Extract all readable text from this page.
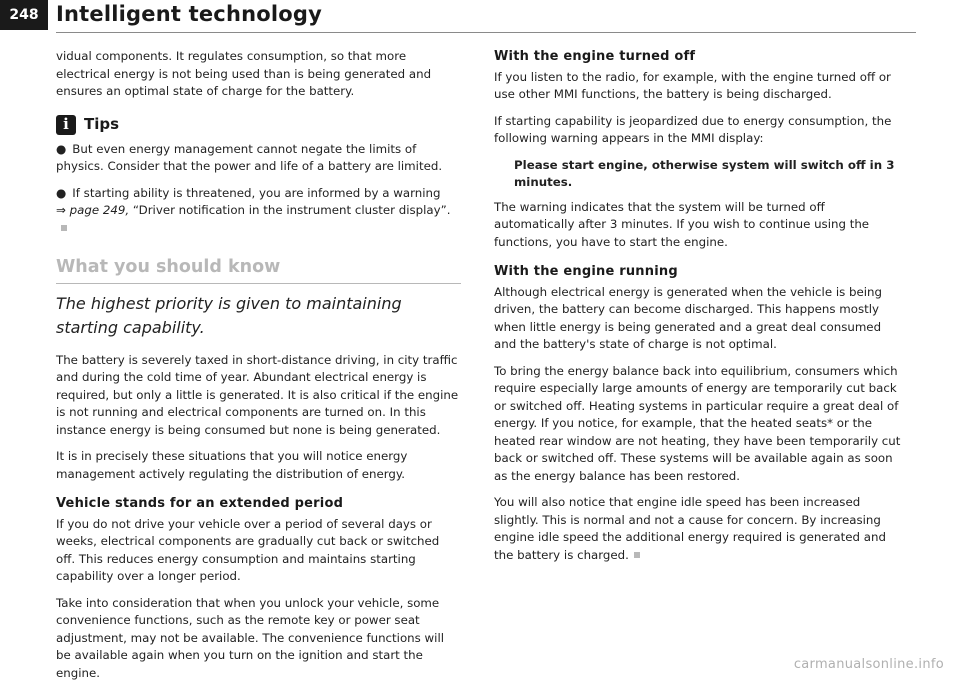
248 Intelligent technology

vidual components. It regulates consumption, so that more electrical energy is not being used than is being generated and ensures an optimal state of charge for the battery.

i	Tips
● But even energy management cannot negate the limits of physics. Consider that the power and life of a battery are limited.
● If starting ability is threatened, you are informed by a warning
⇒ page 249, “Driver notification in the instrument cluster display”.
What you should know
The highest priority is given to maintaining starting capability.

The battery is severely taxed in short-distance driving, in city traffic and during the cold time of year. Abundant electrical energy is required, but only a little is generated. It is also critical if the engine is not running and electrical components are turned on. In this instance energy is being consumed but none is being generated.

It is in precisely these situations that you will notice energy management actively regulating the distribution of energy.

Vehicle stands for an extended period

If you do not drive your vehicle over a period of several days or weeks, electrical components are gradually cut back or switched off. This reduces energy consumption and maintains starting capability over a longer period.

Take into consideration that when you unlock your vehicle, some convenience functions, such as the remote key or power seat adjustment, may not be available. The convenience functions will be available again when you turn on the ignition and start the engine.

With the engine turned off

If you listen to the radio, for example, with the engine turned off or use other MMI functions, the battery is being discharged.

If starting capability is jeopardized due to energy consumption, the following warning appears in the MMI display:

Please start engine, otherwise system will switch off in 3 minutes.

The warning indicates that the system will be turned off automatically after 3 minutes. If you wish to continue using the functions, you have to start the engine.

With the engine running

Although electrical energy is generated when the vehicle is being driven, the battery can become discharged. This happens mostly when little energy is being generated and a great deal consumed and the battery's state of charge is not optimal.

To bring the energy balance back into equilibrium, consumers which require especially large amounts of energy are temporarily cut back or switched off. Heating systems in particular require a great deal of energy. If you notice, for example, that the heated seats* or the heated rear window are not heating, they have been temporarily cut back or switched off. These systems will be available again as soon as the energy balance has been restored.

You will also notice that engine idle speed has been increased slightly. This is normal and not a cause for concern. By increasing engine idle speed the additional energy required is generated and the battery is charged.

carmanualsonline.info
